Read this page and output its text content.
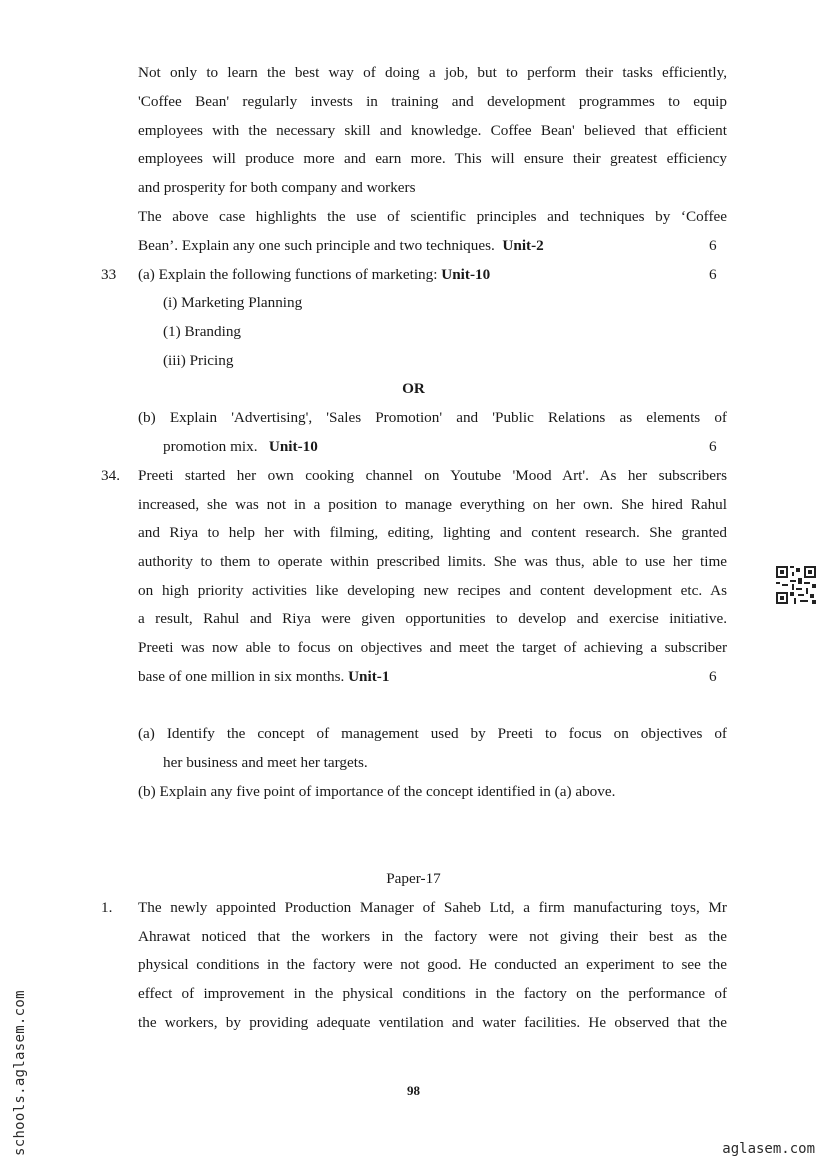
Not only to learn the best way of doing a job, but to perform their tasks efficiently,
'Coffee Bean' regularly invests in training and development programmes to equip
employees with the necessary skill and knowledge. Coffee Bean' believed that efficient
employees will produce more and earn more. This will ensure their greatest efficiency
and prosperity for both company and workers
The above case highlights the use of scientific principles and techniques by ‘Coffee
Bean’. Explain any one such principle and two techniques. Unit-2	6
33 (a) Explain the following functions of marketing: Unit-10	6
(i) Marketing Planning
(1) Branding
(iii) Pricing
OR
(b) Explain 'Advertising', 'Sales Promotion' and 'Public Relations as elements of
promotion mix. Unit-10	6
34. Preeti started her own cooking channel on Youtube 'Mood Art'. As her subscribers
increased, she was not in a position to manage everything on her own. She hired Rahul
and Riya to help her with filming, editing, lighting and content research. She granted
authority to them to operate within prescribed limits. She was thus, able to use her time
on high priority activities like developing new recipes and content development etc. As
a result, Rahul and Riya were given opportunities to develop and exercise initiative.
Preeti was now able to focus on objectives and meet the target of achieving a subscriber
base of one million in six months. Unit-1	6
(a) Identify the concept of management used by Preeti to focus on objectives of
her business and meet her targets.
(b) Explain any five point of importance of the concept identified in (a) above.
Paper-17
1. The newly appointed Production Manager of Saheb Ltd, a firm manufacturing toys, Mr
Ahrawat noticed that the workers in the factory were not giving their best as the
physical conditions in the factory were not good. He conducted an experiment to see the
effect of improvement in the physical conditions in the factory on the performance of
the workers, by providing adequate ventilation and water facilities. He observed that the
98
schools.aglasem.com	aglasem.com
